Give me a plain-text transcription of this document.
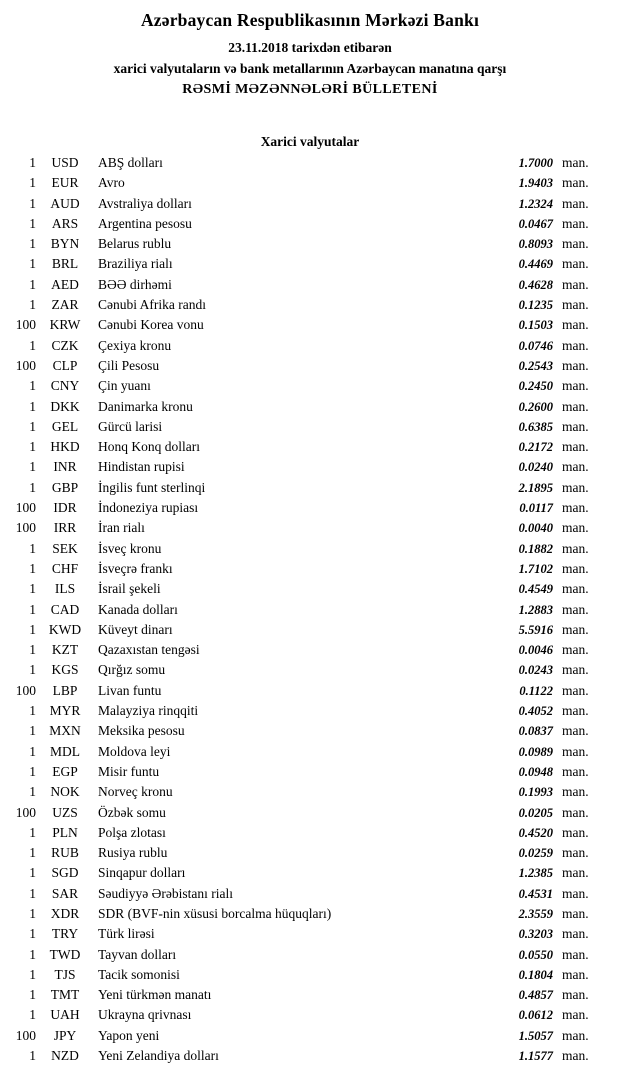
Azərbaycan Respublikasının Mərkəzi Bankı
23.11.2018 tarixdən etibarən
xarici valyutaların və bank metallarının Azərbaycan manatına qarşı
RƏSMİ MƏZƏNNƏLƏRİ BÜLLETENİ
Xarici valyutalar
1	USD	ABŞ dolları	1.7000 man.
1	EUR	Avro	1.9403 man.
1	AUD	Avstraliya dolları	1.2324 man.
1	ARS	Argentina pesosu	0.0467 man.
1	BYN	Belarus rublu	0.8093 man.
1	BRL	Braziliya rialı	0.4469 man.
1	AED	BƏƏ dirhəmi	0.4628 man.
1	ZAR	Cənubi Afrika randı	0.1235 man.
100	KRW	Cənubi Korea vonu	0.1503 man.
1	CZK	Çexiya kronu	0.0746 man.
100	CLP	Çili Pesosu	0.2543 man.
1	CNY	Çin yuanı	0.2450 man.
1	DKK	Danimarka kronu	0.2600 man.
1	GEL	Gürcü larisi	0.6385 man.
1	HKD	Honq Konq dolları	0.2172 man.
1	INR	Hindistan rupisi	0.0240 man.
1	GBP	İngilis funt sterlinqi	2.1895 man.
100	IDR	İndoneziya rupiası	0.0117 man.
100	IRR	İran rialı	0.0040 man.
1	SEK	İsveç kronu	0.1882 man.
1	CHF	İsveçrə frankı	1.7102 man.
1	ILS	İsrail şekeli	0.4549 man.
1	CAD	Kanada dolları	1.2883 man.
1 KWD	Küveyt dinarı	5.5916 man.
1	KZT	Qazaxıstan tengəsi	0.0046 man.
1	KGS	Qırğız somu	0.0243 man.
100	LBP	Livan funtu	0.1122 man.
1	MYR	Malayziya rinqqiti	0.4052 man.
1 MXN	Meksika pesosu	0.0837 man.
1	MDL	Moldova leyi	0.0989 man.
1	EGP	Misir funtu	0.0948 man.
1	NOK	Norveç kronu	0.1993 man.
100	UZS	Özbək somu	0.0205 man.
1	PLN	Polşa zlotası	0.4520 man.
1	RUB	Rusiya rublu	0.0259 man.
1	SGD	Sinqapur dolları	1.2385 man.
1	SAR	Səudiyyə Ərəbistanı rialı	0.4531 man.
1	XDR	SDR (BVF-nin xüsusi borcalma hüquqları)	2.3559 man.
1	TRY	Türk lirəsi	0.3203 man.
1	TWD	Tayvan dolları	0.0550 man.
1	TJS	Tacik somonisi	0.1804 man.
1	TMT	Yeni türkmən manatı	0.4857 man.
1	UAH	Ukrayna qrivnası	0.0612 man.
100	JPY	Yapon yeni	1.5057 man.
1	NZD	Yeni Zelandiya dolları	1.1577 man.
